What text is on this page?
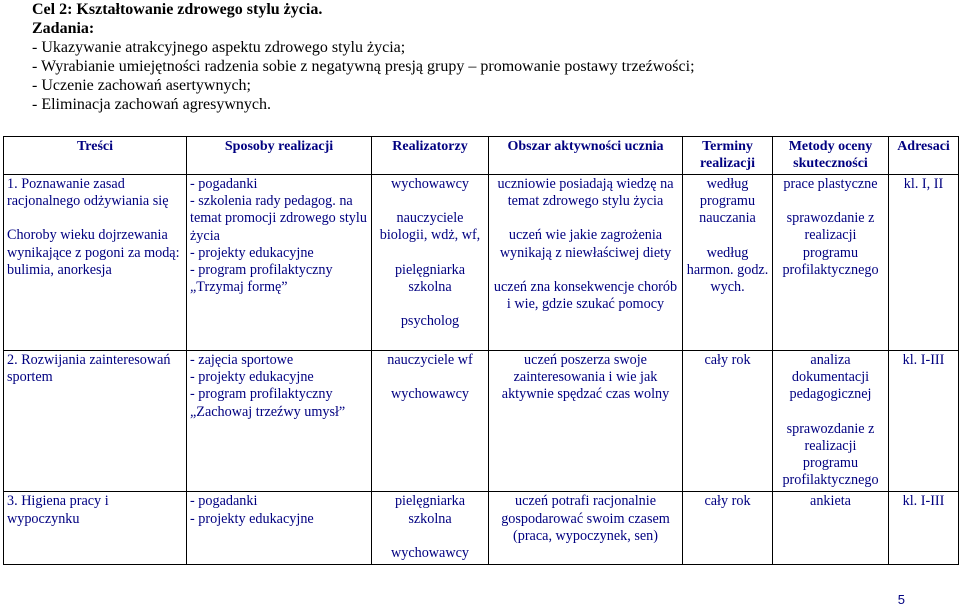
Cel 2: Kształtowanie zdrowego stylu życia.
Zadania:
- Ukazywanie atrakcyjnego aspektu zdrowego stylu życia;
- Wyrabianie umiejętności radzenia sobie z negatywną presją grupy – promowanie postawy trzeźwości;
- Uczenie zachowań asertywnych;
- Eliminacja zachowań agresywnych.
Treści	Sposoby realizacji	Realizatorzy	Obszar aktywności ucznia	Terminy realizacji	Metody oceny skuteczności	Adresaci

1. Poznawanie zasad racjonalnego odżywiania się
Choroby wieku dojrzewania wynikające z pogoni za modą: bulimia, anorkesja	- pogadanki
- szkolenia rady pedagog. na temat promocji zdrowego stylu życia
- projekty edukacyjne
- program profilaktyczny „Trzymaj formę”	wychowawcy
nauczyciele biologii, wdż, wf,
pielęgniarka szkolna
psycholog	uczniowie posiadają wiedzę na temat zdrowego stylu życia
uczeń wie jakie zagrożenia wynikają z niewłaściwej diety
uczeń zna konsekwencje chorób i wie, gdzie szukać pomocy	według programu nauczania
według harmon. godz. wych.	prace plastyczne
sprawozdanie z realizacji programu profilaktycznego	kl. I, II

2. Rozwijania zainteresowań sportem	- zajęcia sportowe
- projekty edukacyjne
- program profilaktyczny „Zachowaj trzeźwy umysł”	nauczyciele wf
wychowawcy	uczeń poszerza swoje zainteresowania i wie jak aktywnie spędzać czas wolny	cały rok	analiza dokumentacji pedagogicznej
sprawozdanie z realizacji programu profilaktycznego	kl. I-III

3. Higiena pracy i wypoczynku	- pogadanki
- projekty edukacyjne	pielęgniarka szkolna
wychowawcy	uczeń potrafi racjonalnie gospodarować swoim czasem (praca, wypoczynek, sen)	cały rok	ankieta	kl. I-III
5
